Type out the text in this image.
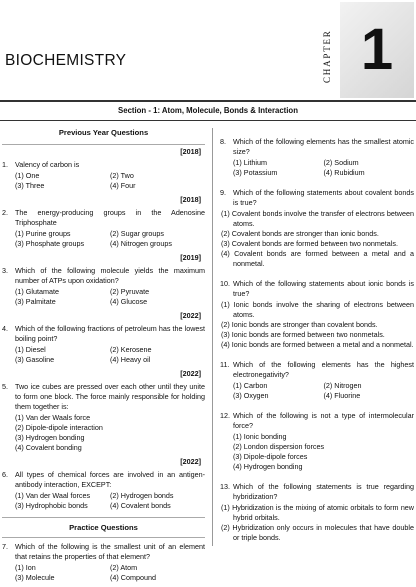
BIOCHEMISTRY	CHAPTER 1
Section - 1: Atom, Molecule, Bonds & Interaction
Previous Year Questions
[2018]
1. Valency of carbon is
(1) One	(2) Two
(3) Three	(4) Four
[2018]
2. The energy-producing groups in the Adenosine Triphosphate
(1) Purine groups	(2) Sugar groups
(3) Phosphate groups	(4) Nitrogen groups
[2019]
3. Which of the following molecule yields the maximum number of ATPs upon oxidation?
(1) Glutamate	(2) Pyruvate
(3) Palmitate	(4) Glucose
[2022]
4. Which of the following fractions of petroleum has the lowest boiling point?
(1) Diesel	(2) Kerosene
(3) Gasoline	(4) Heavy oil
[2022]
5. Two ice cubes are pressed over each other until they unite to form one block. The force mainly responsible for holding them together is:
(1) Van der Waals force
(2) Dipole-dipole interaction
(3) Hydrogen bonding
(4) Covalent bonding
[2022]
6. All types of chemical forces are involved in an antigen-antibody interaction, EXCEPT:
(1) Van der Waal forces	(2) Hydrogen bonds
(3) Hydrophobic bonds	(4) Covalent bonds
Practice Questions
7. Which of the following is the smallest unit of an element that retains the properties of that element?
(1) Ion	(2) Atom
(3) Molecule	(4) Compound
8. Which of the following elements has the smallest atomic size?
(1) Lithium	(2) Sodium
(3) Potassium	(4) Rubidium
9. Which of the following statements about covalent bonds is true?
(1) Covalent bonds involve the transfer of electrons between atoms.
(2) Covalent bonds are stronger than ionic bonds.
(3) Covalent bonds are formed between two nonmetals.
(4) Covalent bonds are formed between a metal and a nonmetal.
10. Which of the following statements about ionic bonds is true?
(1) Ionic bonds involve the sharing of electrons between atoms.
(2) Ionic bonds are stronger than covalent bonds.
(3) Ionic bonds are formed between two nonmetals.
(4) Ionic bonds are formed between a metal and a nonmetal.
11. Which of the following elements has the highest electronegativity?
(1) Carbon	(2) Nitrogen
(3) Oxygen	(4) Fluorine
12. Which of the following is not a type of intermolecular force?
(1) Ionic bonding
(2) London dispersion forces
(3) Dipole-dipole forces
(4) Hydrogen bonding
13. Which of the following statements is true regarding hybridization?
(1) Hybridization is the mixing of atomic orbitals to form new hybrid orbitals.
(2) Hybridization only occurs in molecules that have double or triple bonds.
